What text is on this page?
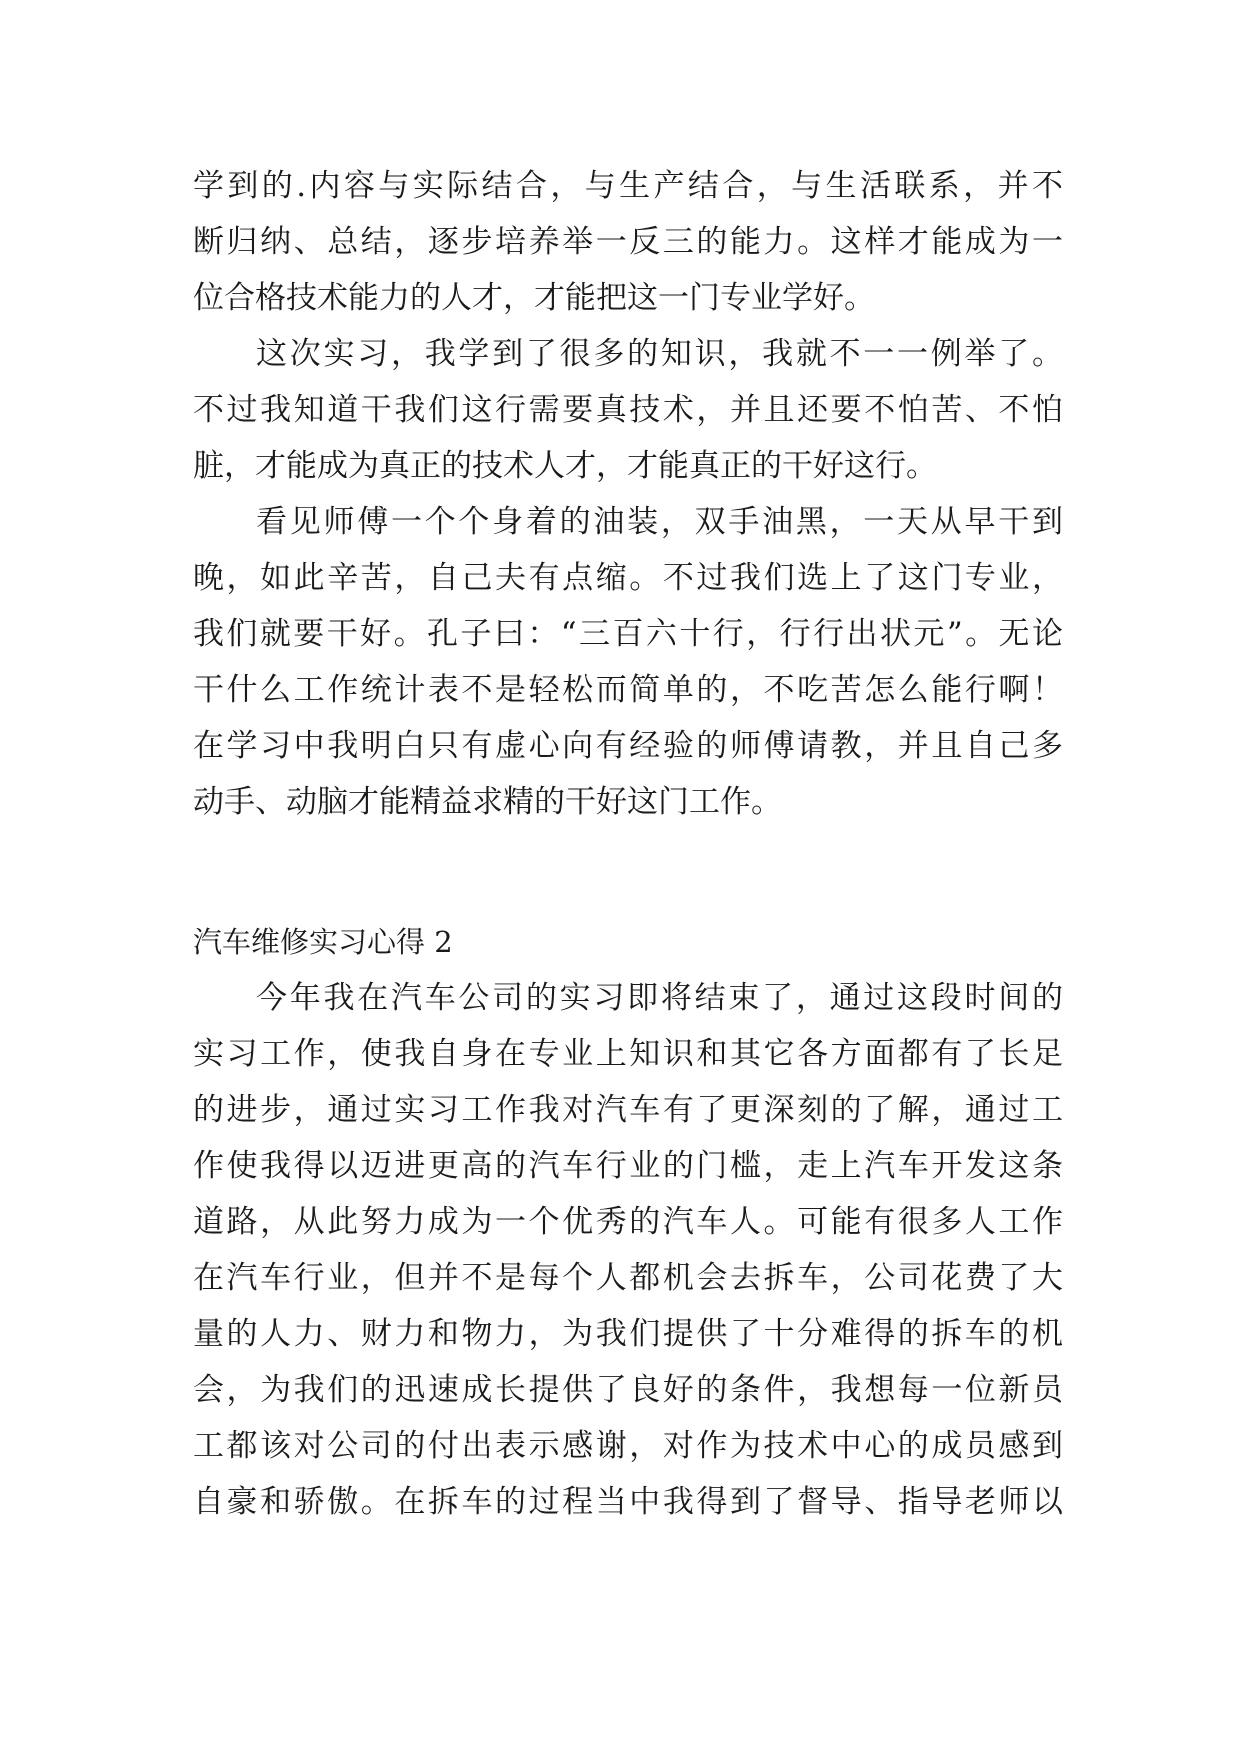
学到的.内容与实际结合，与生产结合，与生活联系，并不
断归纳、总结，逐步培养举一反三的能力。这样才能成为一
位合格技术能力的人才，才能把这一门专业学好。
这次实习，我学到了很多的知识，我就不一一例举了。
不过我知道干我们这行需要真技术，并且还要不怕苦、不怕
脏，才能成为真正的技术人才，才能真正的干好这行。
看见师傅一个个身着的油装，双手油黑，一天从早干到
晚，如此辛苦，自己夫有点缩。不过我们选上了这门专业，
我们就要干好。孔子曰：“三百六十行，行行出状元”。无论
干什么工作统计表不是轻松而简单的，不吃苦怎么能行啊！
在学习中我明白只有虚心向有经验的师傅请教，并且自己多
动手、动脑才能精益求精的干好这门工作。
汽车维修实习心得 2
今年我在汽车公司的实习即将结束了，通过这段时间的
实习工作，使我自身在专业上知识和其它各方面都有了长足
的进步，通过实习工作我对汽车有了更深刻的了解，通过工
作使我得以迈进更高的汽车行业的门槛，走上汽车开发这条
道路，从此努力成为一个优秀的汽车人。可能有很多人工作
在汽车行业，但并不是每个人都机会去拆车，公司花费了大
量的人力、财力和物力，为我们提供了十分难得的拆车的机
会，为我们的迅速成长提供了良好的条件，我想每一位新员
工都该对公司的付出表示感谢，对作为技术中心的成员感到
自豪和骄傲。在拆车的过程当中我得到了督导、指导老师以
